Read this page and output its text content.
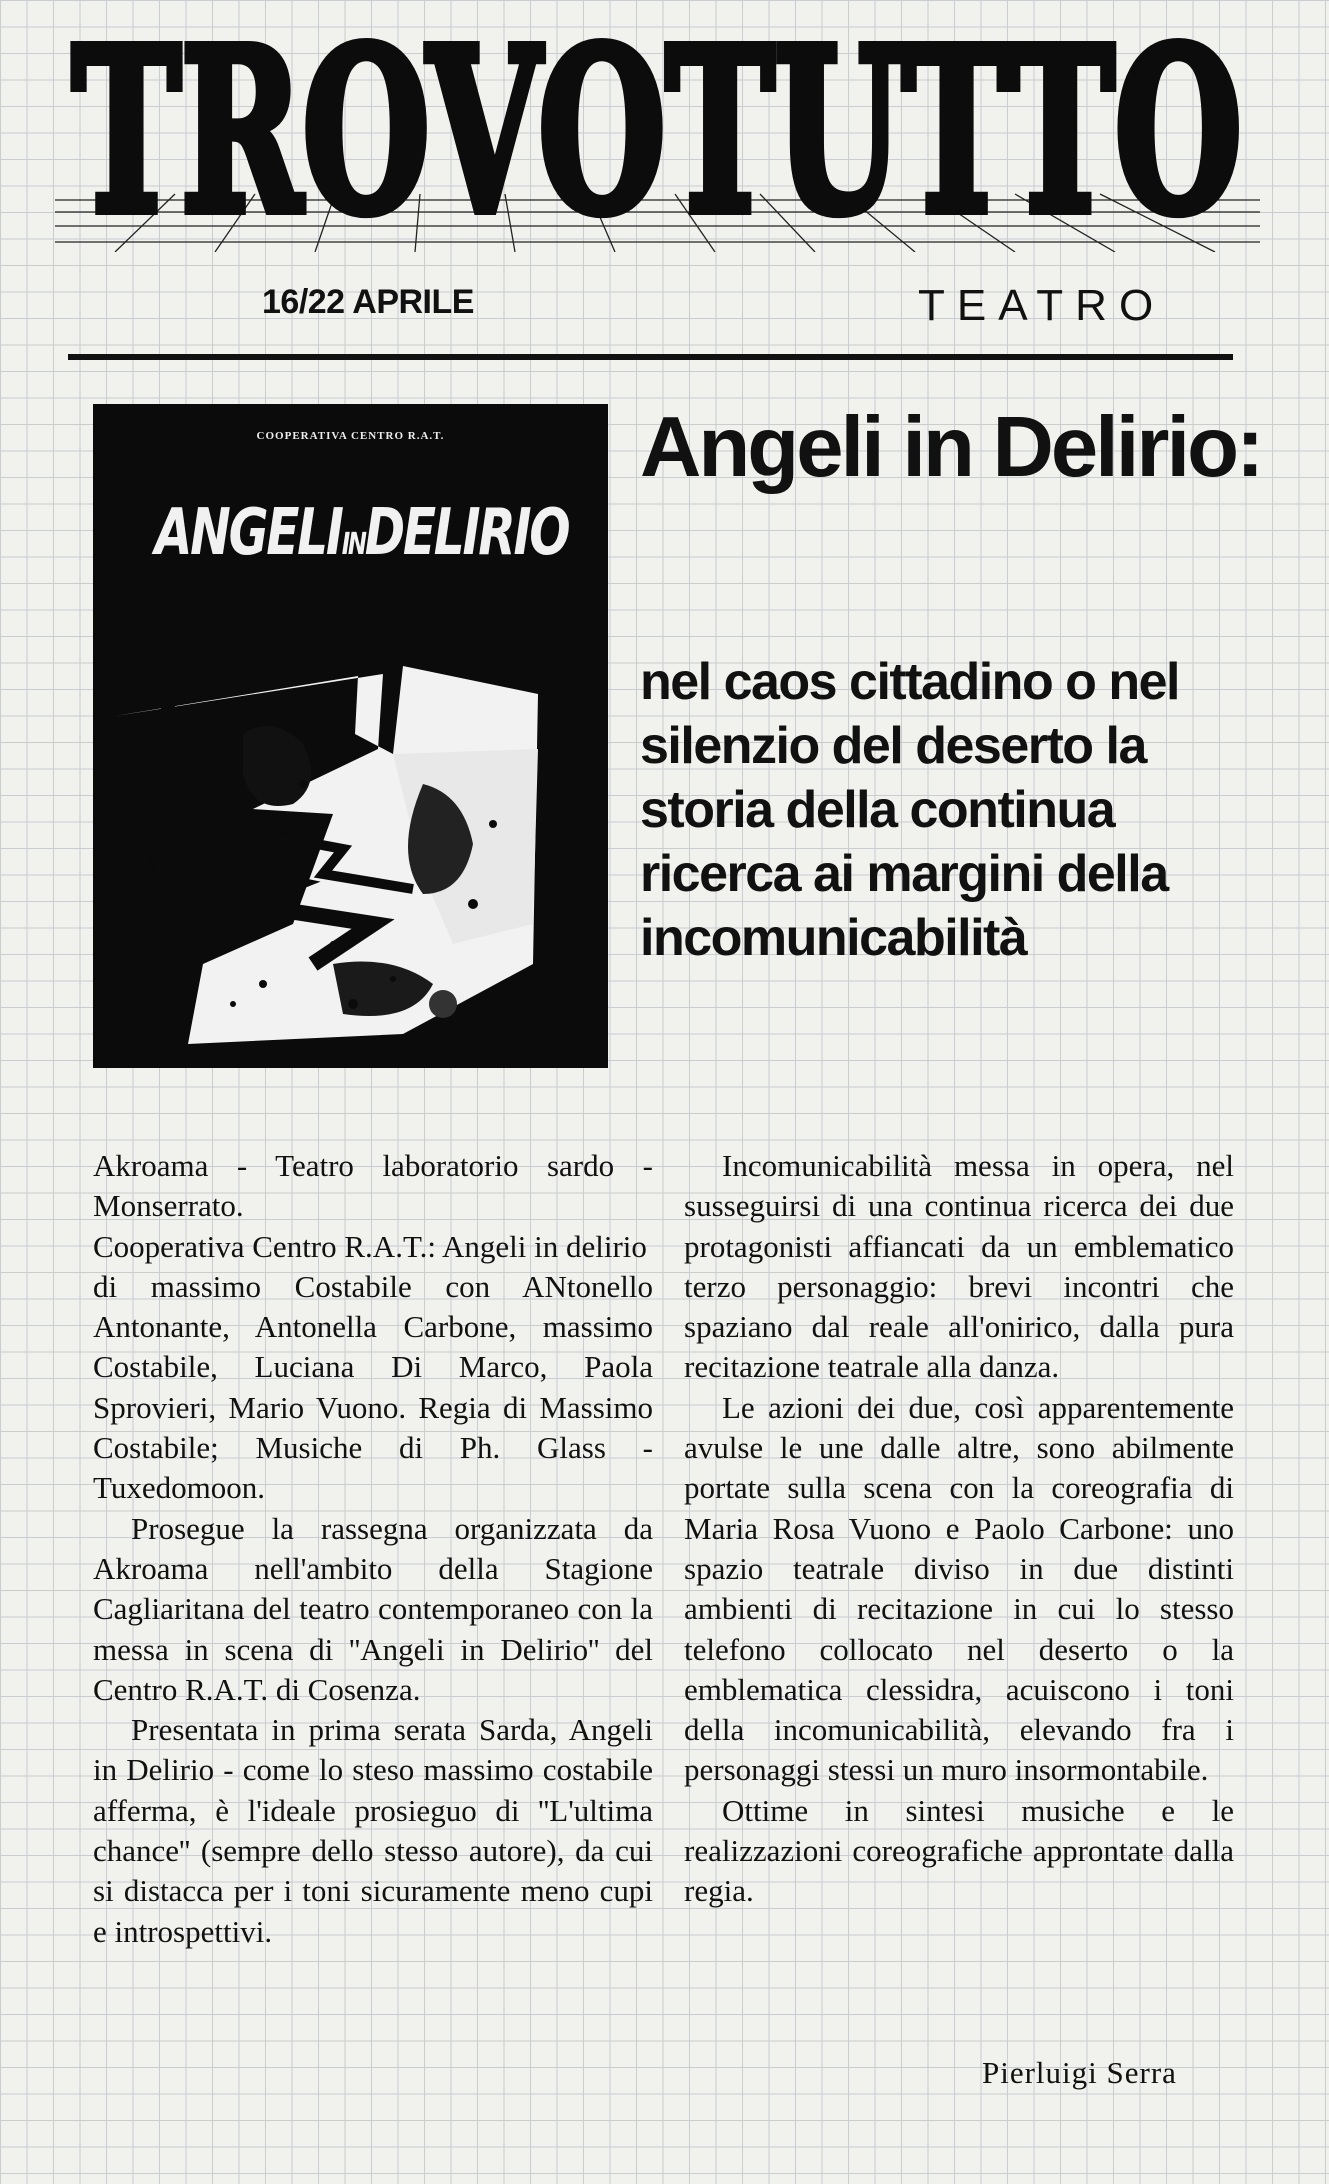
TROVOTUTTO
16/22 APRILE	TEATRO
COOPERATIVA CENTRO R.A.T.
ANGELIINDELIRIO
Angeli in Delirio:
nel caos cittadino o nel silenzio del deserto la storia della continua ricerca ai margini della incomunicabilità

Akroama - Teatro laboratorio sardo - Monserrato.

Cooperativa Centro R.A.T.: Angeli in delirio

di massimo Costabile con ANtonello Antonante, Antonella Carbone, massimo Costabile, Luciana Di Marco, Paola Sprovieri, Mario Vuono. Regia di Massimo Costabile; Musiche di Ph. Glass - Tuxedomoon.

Prosegue la rassegna organizzata da Akroama nell'ambito della Stagione Cagliaritana del teatro contemporaneo con la messa in scena di ''Angeli in Delirio'' del Centro R.A.T. di Cosenza.

Presentata in prima serata Sarda, Angeli in Delirio - come lo steso massimo costabile afferma, è l'ideale prosieguo di ''L'ultima chance'' (sempre dello stesso autore), da cui si distacca per i toni sicuramente meno cupi e introspettivi.

Incomunicabilità messa in opera, nel susseguirsi di una continua ricerca dei due protagonisti affiancati da un emblematico terzo personaggio: brevi incontri che spaziano dal reale all'onirico, dalla pura recitazione teatrale alla danza.

Le azioni dei due, così apparentemente avulse le une dalle altre, sono abilmente portate sulla scena con la coreografia di Maria Rosa Vuono e Paolo Carbone: uno spazio teatrale diviso in due distinti ambienti di recitazione in cui lo stesso telefono collocato nel deserto o la emblematica clessidra, acuiscono i toni della incomunicabilità, elevando fra i personaggi stessi un muro insormontabile.

Ottime in sintesi musiche e le realizzazioni coreografiche approntate dalla regia.

Pierluigi Serra
